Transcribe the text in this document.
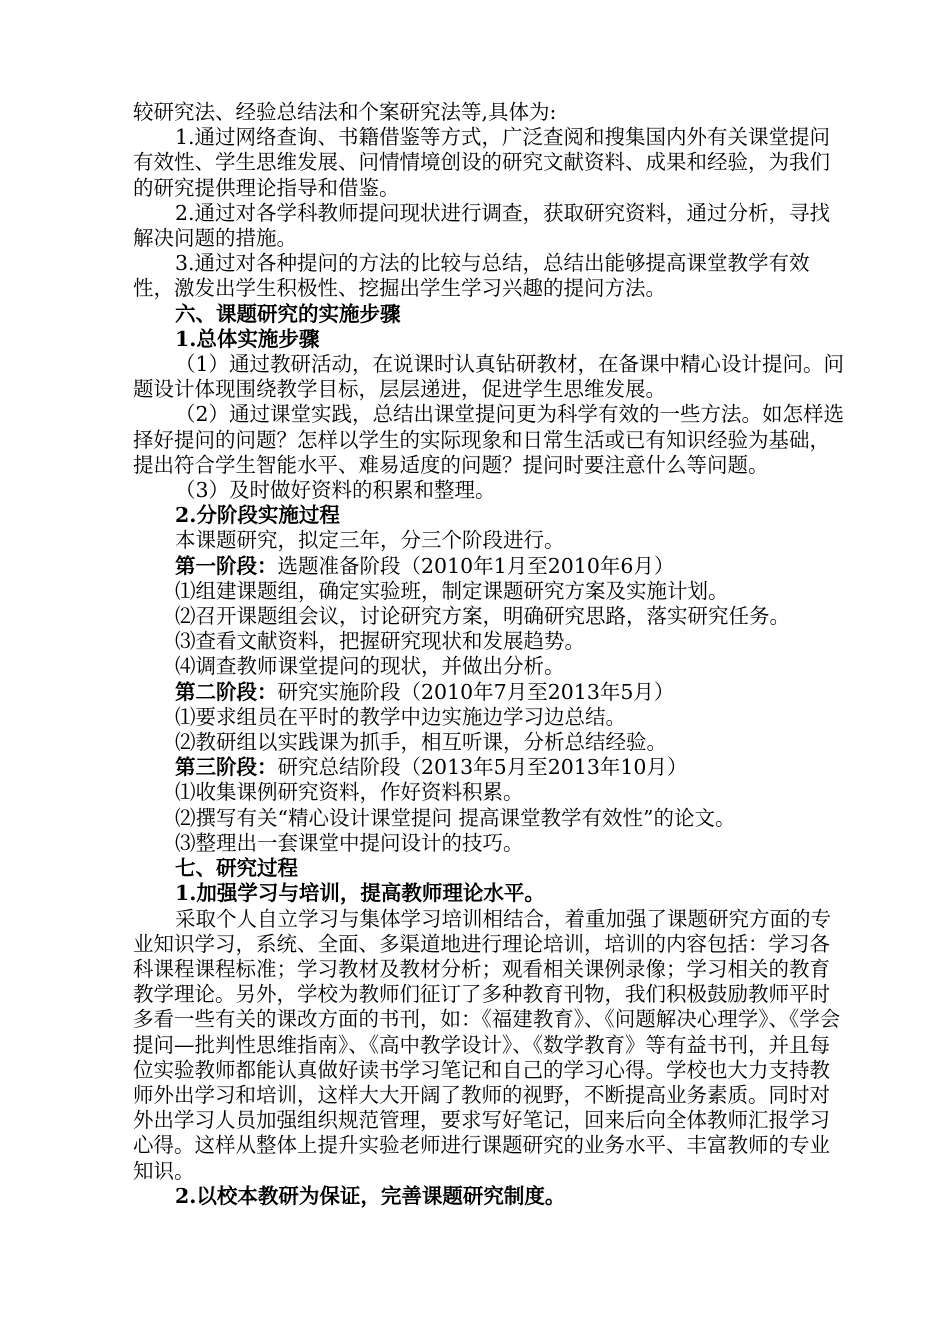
较研究法、经验总结法和个案研究法等,具体为:

1.通过网络查询、书籍借鉴等方式，广泛查阅和搜集国内外有关课堂提问有效性、学生思维发展、问情情境创设的研究文献资料、成果和经验，为我们的研究提供理论指导和借鉴。

2.通过对各学科教师提问现状进行调查，获取研究资料，通过分析，寻找解决问题的措施。

3.通过对各种提问的方法的比较与总结，总结出能够提高课堂教学有效性，激发出学生积极性、挖掘出学生学习兴趣的提问方法。

六、课题研究的实施步骤

1.总体实施步骤

（1）通过教研活动，在说课时认真钻研教材，在备课中精心设计提问。问题设计体现围绕教学目标，层层递进，促进学生思维发展。

（2）通过课堂实践，总结出课堂提问更为科学有效的一些方法。如怎样选择好提问的问题？怎样以学生的实际现象和日常生活或已有知识经验为基础，提出符合学生智能水平、难易适度的问题？提问时要注意什么等问题。

（3）及时做好资料的积累和整理。

2.分阶段实施过程

本课题研究，拟定三年，分三个阶段进行。

第一阶段：选题准备阶段（2010年1月至2010年6月）

⑴组建课题组，确定实验班，制定课题研究方案及实施计划。

⑵召开课题组会议，讨论研究方案，明确研究思路，落实研究任务。

⑶查看文献资料，把握研究现状和发展趋势。

⑷调查教师课堂提问的现状，并做出分析。

第二阶段：研究实施阶段（2010年7月至2013年5月）

⑴要求组员在平时的教学中边实施边学习边总结。

⑵教研组以实践课为抓手，相互听课，分析总结经验。

第三阶段：研究总结阶段（2013年5月至2013年10月）

⑴收集课例研究资料，作好资料积累。

⑵撰写有关“精心设计课堂提问 提高课堂教学有效性”的论文。

⑶整理出一套课堂中提问设计的技巧。

七、研究过程

1.加强学习与培训，提高教师理论水平。

采取个人自立学习与集体学习培训相结合，着重加强了课题研究方面的专业知识学习，系统、全面、多渠道地进行理论培训，培训的内容包括：学习各科课程课程标准；学习教材及教材分析；观看相关课例录像；学习相关的教育教学理论。另外，学校为教师们征订了多种教育刊物，我们积极鼓励教师平时多看一些有关的课改方面的书刊，如：《福建教育》、《问题解决心理学》、《学会提问—批判性思维指南》、《高中教学设计》、《数学教育》等有益书刊，并且每位实验教师都能认真做好读书学习笔记和自己的学习心得。学校也大力支持教师外出学习和培训，这样大大开阔了教师的视野，不断提高业务素质。同时对外出学习人员加强组织规范管理，要求写好笔记，回来后向全体教师汇报学习心得。这样从整体上提升实验老师进行课题研究的业务水平、丰富教师的专业知识。

2.以校本教研为保证，完善课题研究制度。
